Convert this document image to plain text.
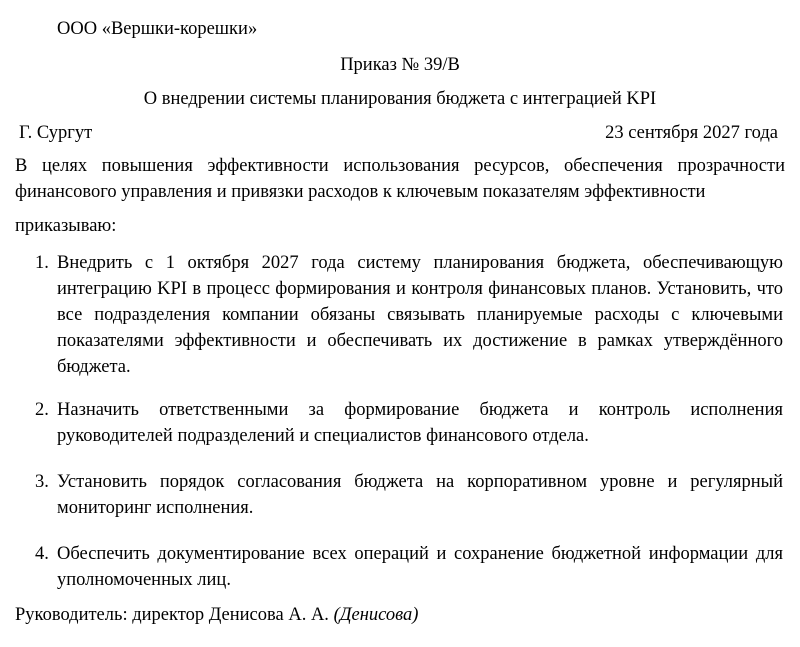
ООО «Вершки-корешки»
Приказ № 39/В
О внедрении системы планирования бюджета с интеграцией KPI
Г. Сургут	23 сентября 2027 года
В целях повышения эффективности использования ресурсов, обеспечения прозрачности финансового управления и привязки расходов к ключевым показателям эффективности
приказываю:
1. Внедрить с 1 октября 2027 года систему планирования бюджета, обеспечивающую интеграцию KPI в процесс формирования и контроля финансовых планов. Установить, что все подразделения компании обязаны связывать планируемые расходы с ключевыми показателями эффективности и обеспечивать их достижение в рамках утверждённого бюджета.
2. Назначить ответственными за формирование бюджета и контроль исполнения руководителей подразделений и специалистов финансового отдела.
3. Установить порядок согласования бюджета на корпоративном уровне и регулярный мониторинг исполнения.
4. Обеспечить документирование всех операций и сохранение бюджетной информации для уполномоченных лиц.
Руководитель: директор Денисова А. А. (Денисова)
